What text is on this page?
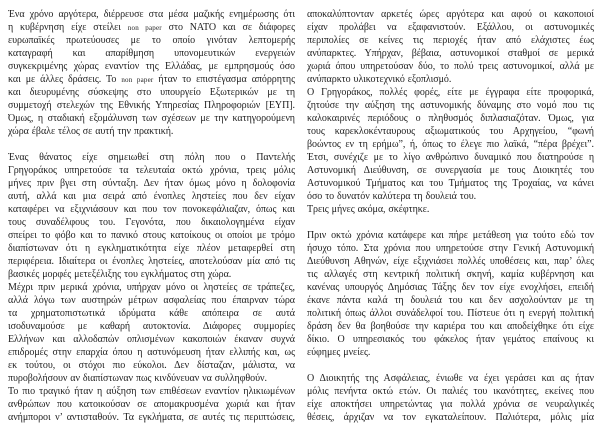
Ένα χρόνο αργότερα, διέρρευσε στα μέσα μαζικής ενημέρωσης ότι
η κυβέρνηση είχε στείλει non paper στο ΝΑΤΟ και σε διάφορες
ευρωπαϊκές πρωτεύουσες με το οποίο γινόταν λεπτομερής
καταγραφή και απαρίθμηση υπονομευτικών ενεργειών
συγκεκριμένης χώρας εναντίον της Ελλάδας, με εμπρησμούς όσο
και με άλλες δράσεις. Το non paper ήταν το επιστέγασμα απόρρητης
και διευρυμένης σύσκεψης στο υπουργείο Εξωτερικών με τη
συμμετοχή στελεχών της Εθνικής Υπηρεσίας Πληροφοριών [ΕΥΠ].
Όμως, η σταδιακή εξομάλυνση των σχέσεων με την κατηγορούμενη
χώρα έβαλε τέλος σε αυτή την πρακτική.
Ένας θάνατος είχε σημειωθεί στη πόλη που ο Παντελής
Γρηγοράκος υπηρετούσε τα τελευταία οκτώ χρόνια, τρεις μόλις
μήνες πριν βγει στη σύνταξη. Δεν ήταν όμως μόνο η δολοφονία
αυτή, αλλά και μια σειρά από ένοπλες ληστείες που δεν είχαν
καταφέρει να εξιχνιάσουν και που τον πονοκεφάλιαζαν, όπως και
τους συναδέλφους του. Γεγονότα, που δικαιολογημένα είχαν
σπείρει το φόβο και το πανικό στους κατοίκους οι οποίοι με τρόμο
διαπίστωναν ότι η εγκληματικότητα είχε πλέον μεταφερθεί στη
περιφέρεια. Ιδιαίτερα οι ένοπλες ληστείες, αποτελούσαν μία από τις
βασικές μορφές μετεξέλιξης του εγκλήματος στη χώρα.
Μέχρι πριν μερικά χρόνια, υπήρχαν μόνο οι ληστείες σε τράπεζες,
αλλά λόγω των αυστηρών μέτρων ασφαλείας που έπαιρναν τώρα
τα χρηματοπιστωτικά ιδρύματα κάθε απόπειρα σε αυτά
ισοδυναμούσε με καθαρή αυτοκτονία. Διάφορες συμμορίες
Ελλήνων και αλλοδαπών οπλισμένων κακοποιών έκαναν συχνά
επιδρομές στην επαρχία όπου η αστυνόμευση ήταν ελλιπής και, ως
εκ τούτου, οι στόχοι πιο εύκολοι. Δεν δίσταζαν, μάλιστα, να
πυροβολήσουν αν διαπίστωναν πως κινδύνευαν να συλληφθούν.
Το πιο τραγικό ήταν η αύξηση των επιθέσεων εναντίον ηλικιωμένων
ανθρώπων που κατοικούσαν σε απομακρυσμένα χωριά και ήταν
ανήμποροι ν’ αντισταθούν. Τα εγκλήματα, σε αυτές τις περιπτώσεις,
αποκαλύπτονταν αρκετές ώρες αργότερα και αφού οι κακοποιοί
είχαν προλάβει να εξαφανιστούν. Εξάλλου, οι αστυνομικές
περιπολίες σε κείνες τις περιοχές ήταν από ελάχιστες έως
ανύπαρκτες. Υπήρχαν, βέβαια, αστυνομικοί σταθμοί σε μερικά
χωριά όπου υπηρετούσαν δύο, το πολύ τρεις αστυνομικοί, αλλά με
ανύπαρκτο υλικοτεχνικό εξοπλισμό.
Ο Γρηγοράκος, πολλές φορές, είτε με έγγραφα είτε προφορικά,
ζητούσε την αύξηση της αστυνομικής δύναμης στο νομό που τις
καλοκαιρινές περιόδους ο πληθυσμός διπλασιαζόταν. Όμως, για
τους καρεκλοκένταυρους αξιωματικούς του Αρχηγείου, “φωνή
βοώντος εν τη ερήμω”, ή, όπως το έλεγε πιο λαϊκά, “πέρα βρέχει”.
Έτσι, συνέχιζε με το λίγο ανθρώπινο δυναμικό που διατηρούσε η
Αστυνομική Διεύθυνση, σε συνεργασία με τους Διοικητές του
Αστυνομικού Τμήματος και του Τμήματος της Τροχαίας, να κάνει
όσο το δυνατόν καλύτερα τη δουλειά του.
Τρεις μήνες ακόμα, σκέφτηκε.
Πριν οκτώ χρόνια κατάφερε και πήρε μετάθεση για τούτο εδώ τον
ήσυχο τόπο. Στα χρόνια που υπηρετούσε στην Γενική Αστυνομική
Διεύθυνση Αθηνών, είχε εξιχνιάσει πολλές υποθέσεις και, παρ’ όλες
τις αλλαγές στη κεντρική πολιτική σκηνή, καμία κυβέρνηση και
κανένας υπουργός Δημόσιας Τάξης δεν τον είχε ενοχλήσει, επειδή
έκανε πάντα καλά τη δουλειά του και δεν ασχολούνταν με τη
πολιτική όπως άλλοι συνάδελφοί του. Πίστευε ότι η ενεργή πολιτική
δράση δεν θα βοηθούσε την καριέρα του και αποδείχθηκε ότι είχε
δίκιο. Ο υπηρεσιακός του φάκελος ήταν γεμάτος επαίνους κι
εύφημες μνείες.
Ο Διοικητής της Ασφάλειας, ένιωθε να έχει γεράσει και ας ήταν
μόλις πενήντα οκτώ ετών. Οι παλιές του ικανότητες, εκείνες που
είχε αποκτήσει υπηρετώντας για πολλά χρόνια σε νευραλγικές
θέσεις, άρχιζαν να τον εγκαταλείπουν. Παλιότερα, μόλις μία
